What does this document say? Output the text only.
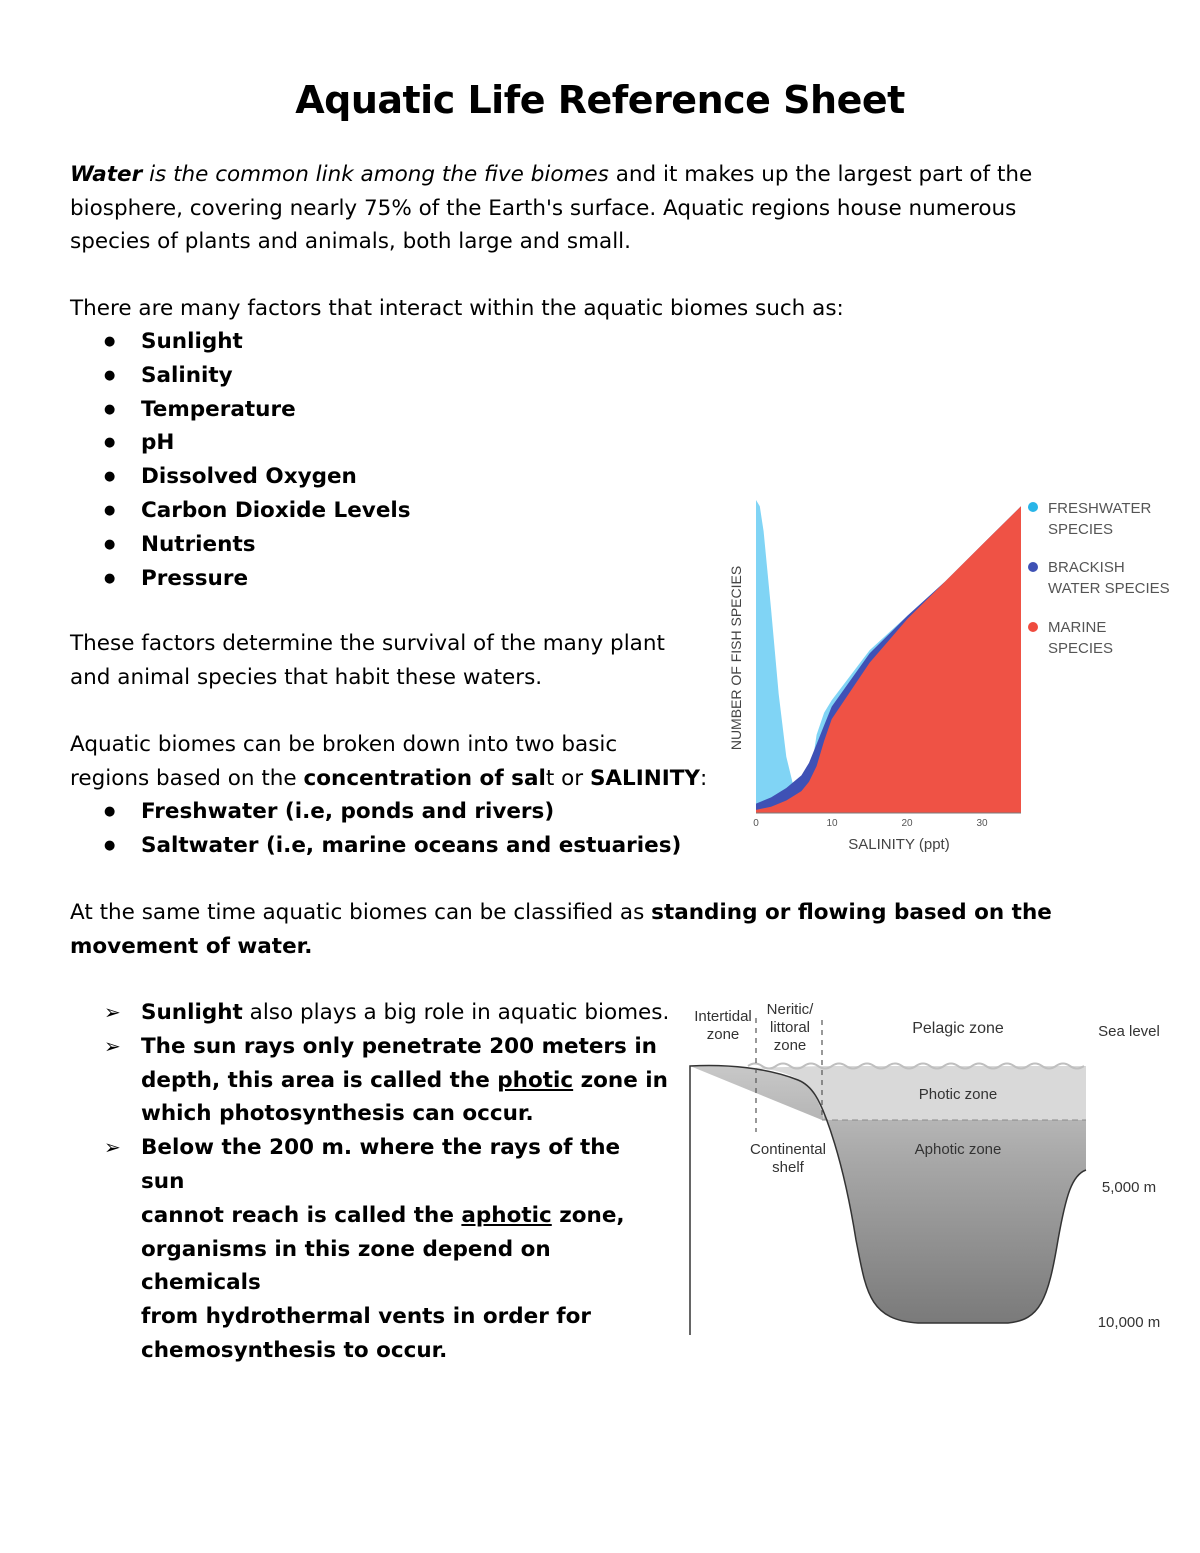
Aquatic Life Reference Sheet

Water is the common link among the five biomes and it makes up the largest part of the
biosphere, covering nearly 75% of the Earth's surface. Aquatic regions house numerous
species of plants and animals, both large and small.

There are many factors that interact within the aquatic biomes such as:

● Sunlight
● Salinity
● Temperature
● pH
● Dissolved Oxygen
● Carbon Dioxide Levels
● Nutrients
● Pressure

These factors determine the survival of the many plant
and animal species that habit these waters.

Aquatic biomes can be broken down into two basic
regions based on the concentration of salt or SALINITY:

● Freshwater (i.e, ponds and rivers)
● Saltwater (i.e, marine oceans and estuaries)

At the same time aquatic biomes can be classified as standing or flowing based on the
movement of water.

➢ Sunlight also plays a big role in aquatic biomes.
➢ The sun rays only penetrate 200 meters in
depth, this area is called the photic zone in
which photosynthesis can occur.
➢ Below the 200 m. where the rays of the sun
cannot reach is called the aphotic zone,
organisms in this zone depend on chemicals
from hydrothermal vents in order for
chemosynthesis to occur.
0	10	20	30
SALINITY (ppt)
NUMBER OF FISH SPECIES
FRESHWATER
SPECIES
BRACKISH
WATER SPECIES
MARINE
SPECIES
Intertidal
zone
Neritic/
littoral
zone
Pelagic zone	Sea level
Photic zone
Aphotic zone
Continental
shelf
5,000 m
10,000 m
